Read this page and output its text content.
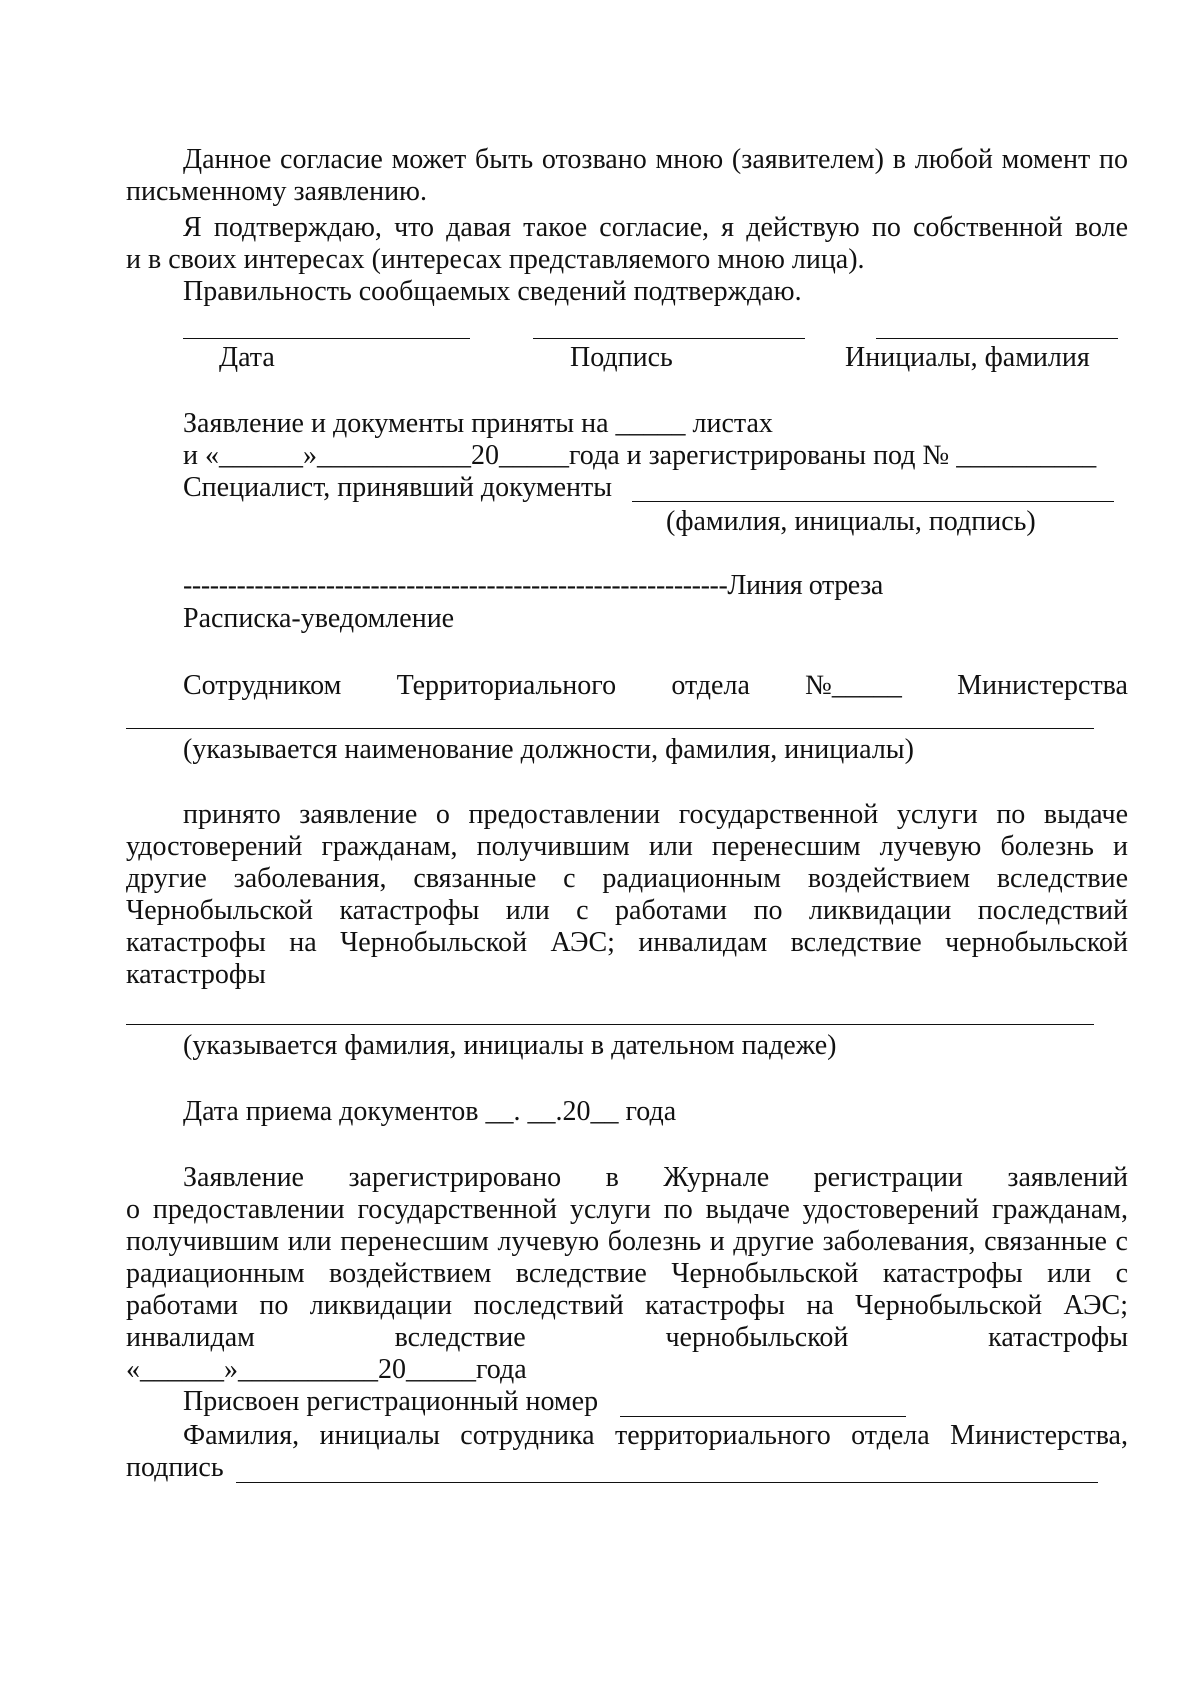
Данное согласие может быть отозвано мною (заявителем) в любой момент по
письменному заявлению.
Я подтверждаю, что давая такое согласие, я действую по собственной воле
и в своих интересах (интересах представляемого мною лица).
Правильность сообщаемых сведений подтверждаю.
Дата	Подпись	Инициалы, фамилия
Заявление и документы приняты на _____ листах
и «______»___________20_____года и зарегистрированы под № __________
Специалист, принявший документы
(фамилия, инициалы, подпись)
-------------------------------------------------------------Линия отреза
Расписка-уведомление
Сотрудником Территориального отдела №_____ Министерства
(указывается наименование должности, фамилия, инициалы)
принято заявление о предоставлении государственной услуги по выдаче
удостоверений гражданам, получившим или перенесшим лучевую болезнь и
другие заболевания, связанные с радиационным воздействием вследствие
Чернобыльской катастрофы или с работами по ликвидации последствий
катастрофы на Чернобыльской АЭС; инвалидам вследствие чернобыльской
катастрофы
(указывается фамилия, инициалы в дательном падеже)
Дата приема документов __. __.20__ года
Заявление зарегистрировано в Журнале регистрации заявлений
о предоставлении государственной услуги по выдаче удостоверений гражданам,
получившим или перенесшим лучевую болезнь и другие заболевания, связанные с
радиационным воздействием вследствие Чернобыльской катастрофы или с
работами по ликвидации последствий катастрофы на Чернобыльской АЭС;
инвалидам вследствие чернобыльской катастрофы
«______»__________20_____года
Присвоен регистрационный номер
Фамилия, инициалы сотрудника территориального отдела Министерства,
подпись
